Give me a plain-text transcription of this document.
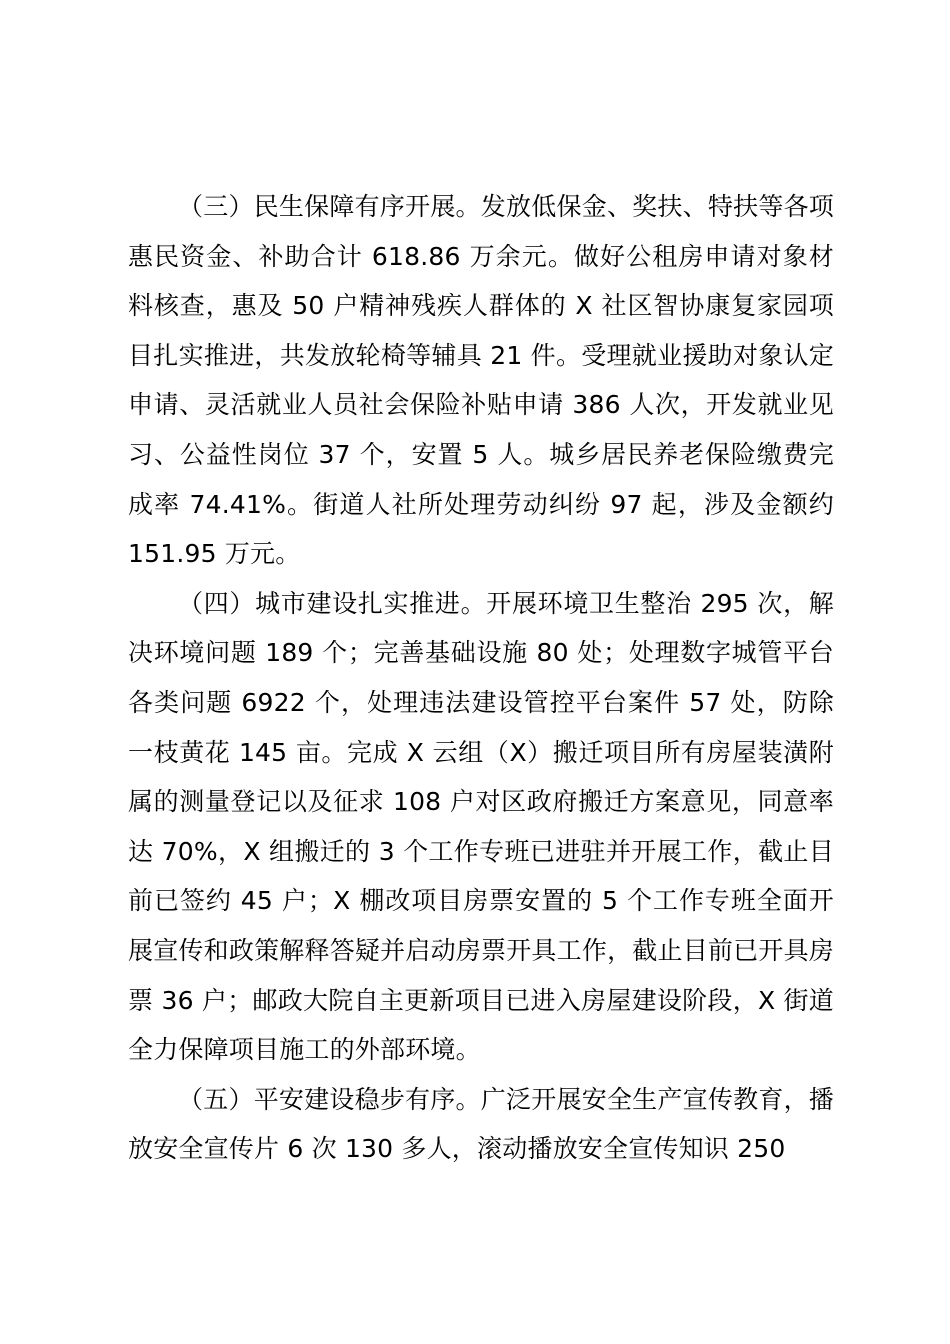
（三）民生保障有序开展。发放低保金、奖扶、特扶等各项惠民资金、补助合计 618.86 万余元。做好公租房申请对象材料核查，惠及 50 户精神残疾人群体的 X 社区智协康复家园项目扎实推进，共发放轮椅等辅具 21 件。受理就业援助对象认定申请、灵活就业人员社会保险补贴申请 386 人次，开发就业见习、公益性岗位 37 个，安置 5 人。城乡居民养老保险缴费完成率 74.41%。街道人社所处理劳动纠纷 97 起，涉及金额约 151.95 万元。

（四）城市建设扎实推进。开展环境卫生整治 295 次，解决环境问题 189 个；完善基础设施 80 处；处理数字城管平台各类问题 6922 个，处理违法建设管控平台案件 57 处，防除一枝黄花 145 亩。完成 X 云组（X）搬迁项目所有房屋装潢附属的测量登记以及征求 108 户对区政府搬迁方案意见，同意率达 70%，X 组搬迁的 3 个工作专班已进驻并开展工作，截止目前已签约 45 户；X 棚改项目房票安置的 5 个工作专班全面开展宣传和政策解释答疑并启动房票开具工作，截止目前已开具房票 36 户；邮政大院自主更新项目已进入房屋建设阶段，X 街道全力保障项目施工的外部环境。

（五）平安建设稳步有序。广泛开展安全生产宣传教育，播放安全宣传片 6 次 130 多人，滚动播放安全宣传知识 250
